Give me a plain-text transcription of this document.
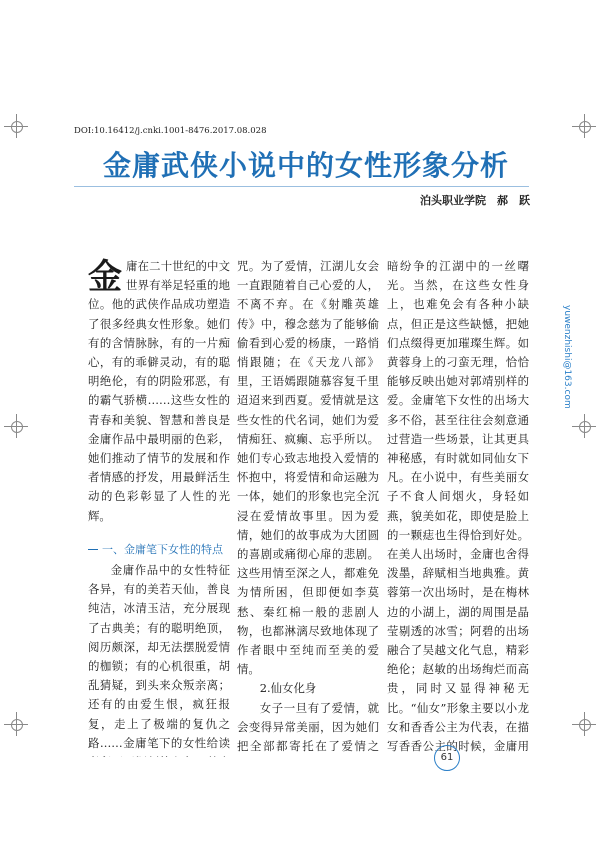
DOI:10.16412/j.cnki.1001-8476.2017.08.028
金庸武侠小说中的女性形象分析
泊头职业学院　郝　跃

金庸在二十世纪的中文世界有举足轻重的地位。他的武侠作品成功塑造了很多经典女性形象。她们有的含情脉脉，有的一片痴心，有的乖僻灵动，有的聪明绝伦，有的阴险邪恶，有的霸气骄横……这些女性的青春和美貌、智慧和善良是金庸作品中最明丽的色彩，她们推动了情节的发展和作者情感的抒发，用最鲜活生动的色彩彰显了人性的光辉。

一、金庸笔下女性的特点

金庸作品中的女性特征各异，有的美若天仙，善良纯洁，冰清玉洁，充分展现了古典美；有的聪明绝顶，阅历颇深，却无法摆脱爱情的枷锁；有的心机很重，胡乱猜疑，到头来众叛亲离；还有的由爱生恨，疯狂报复，走上了极端的复仇之路……金庸笔下的女性给读

咒。为了爱情，江湖儿女会一直跟随着自己心爱的人，不离不弃。在《射雕英雄传》中，穆念慈为了能够偷偷看到心爱的杨康，一路悄悄跟随；在《天龙八部》里，王语嫣跟随慕容复千里迢迢来到西夏。爱情就是这些女性的代名词，她们为爱情痴狂、疯癫、忘乎所以。她们专心致志地投入爱情的怀抱中，将爱情和命运融为一体，她们的形象也完全沉浸在爱情故事里。因为爱情，她们的故事成为大团圆的喜剧或痛彻心扉的悲剧。这些用情至深之人，都难免为情所困，但即便如李莫愁、秦红棉一般的悲剧人物，也都淋漓尽致地体现了作者眼中至纯而至美的爱情。

2.仙女化身

女子一旦有了爱情，就会变得异常美丽，因为她们把全部都寄托在了爱情之

暗纷争的江湖中的一丝曙光。当然，在这些女性身上，也难免会有各种小缺点，但正是这些缺憾，把她们点缀得更加璀璨生辉。如黄蓉身上的刁蛮无理，恰恰能够反映出她对郭靖别样的爱。金庸笔下女性的出场大多不俗，甚至往往会刻意通过营造一些场景，让其更具神秘感，有时就如同仙女下凡。在小说中，有些美丽女子不食人间烟火，身轻如燕，貌美如花，即使是脸上的一颗痣也生得恰到好处。在美人出场时，金庸也舍得泼墨，辞赋相当地典雅。黄蓉第一次出场时，是在梅林边的小湖上，湖的周围是晶莹剔透的冰雪；阿碧的出场融合了吴越文化气息，精彩绝伦；赵敏的出场绚烂而高贵，同时又显得神秘无比。“仙女”形象主要以小龙女和香香公主为代表，在描写香香公主的时候，金庸用

yuwenzhishi@163.com
61
